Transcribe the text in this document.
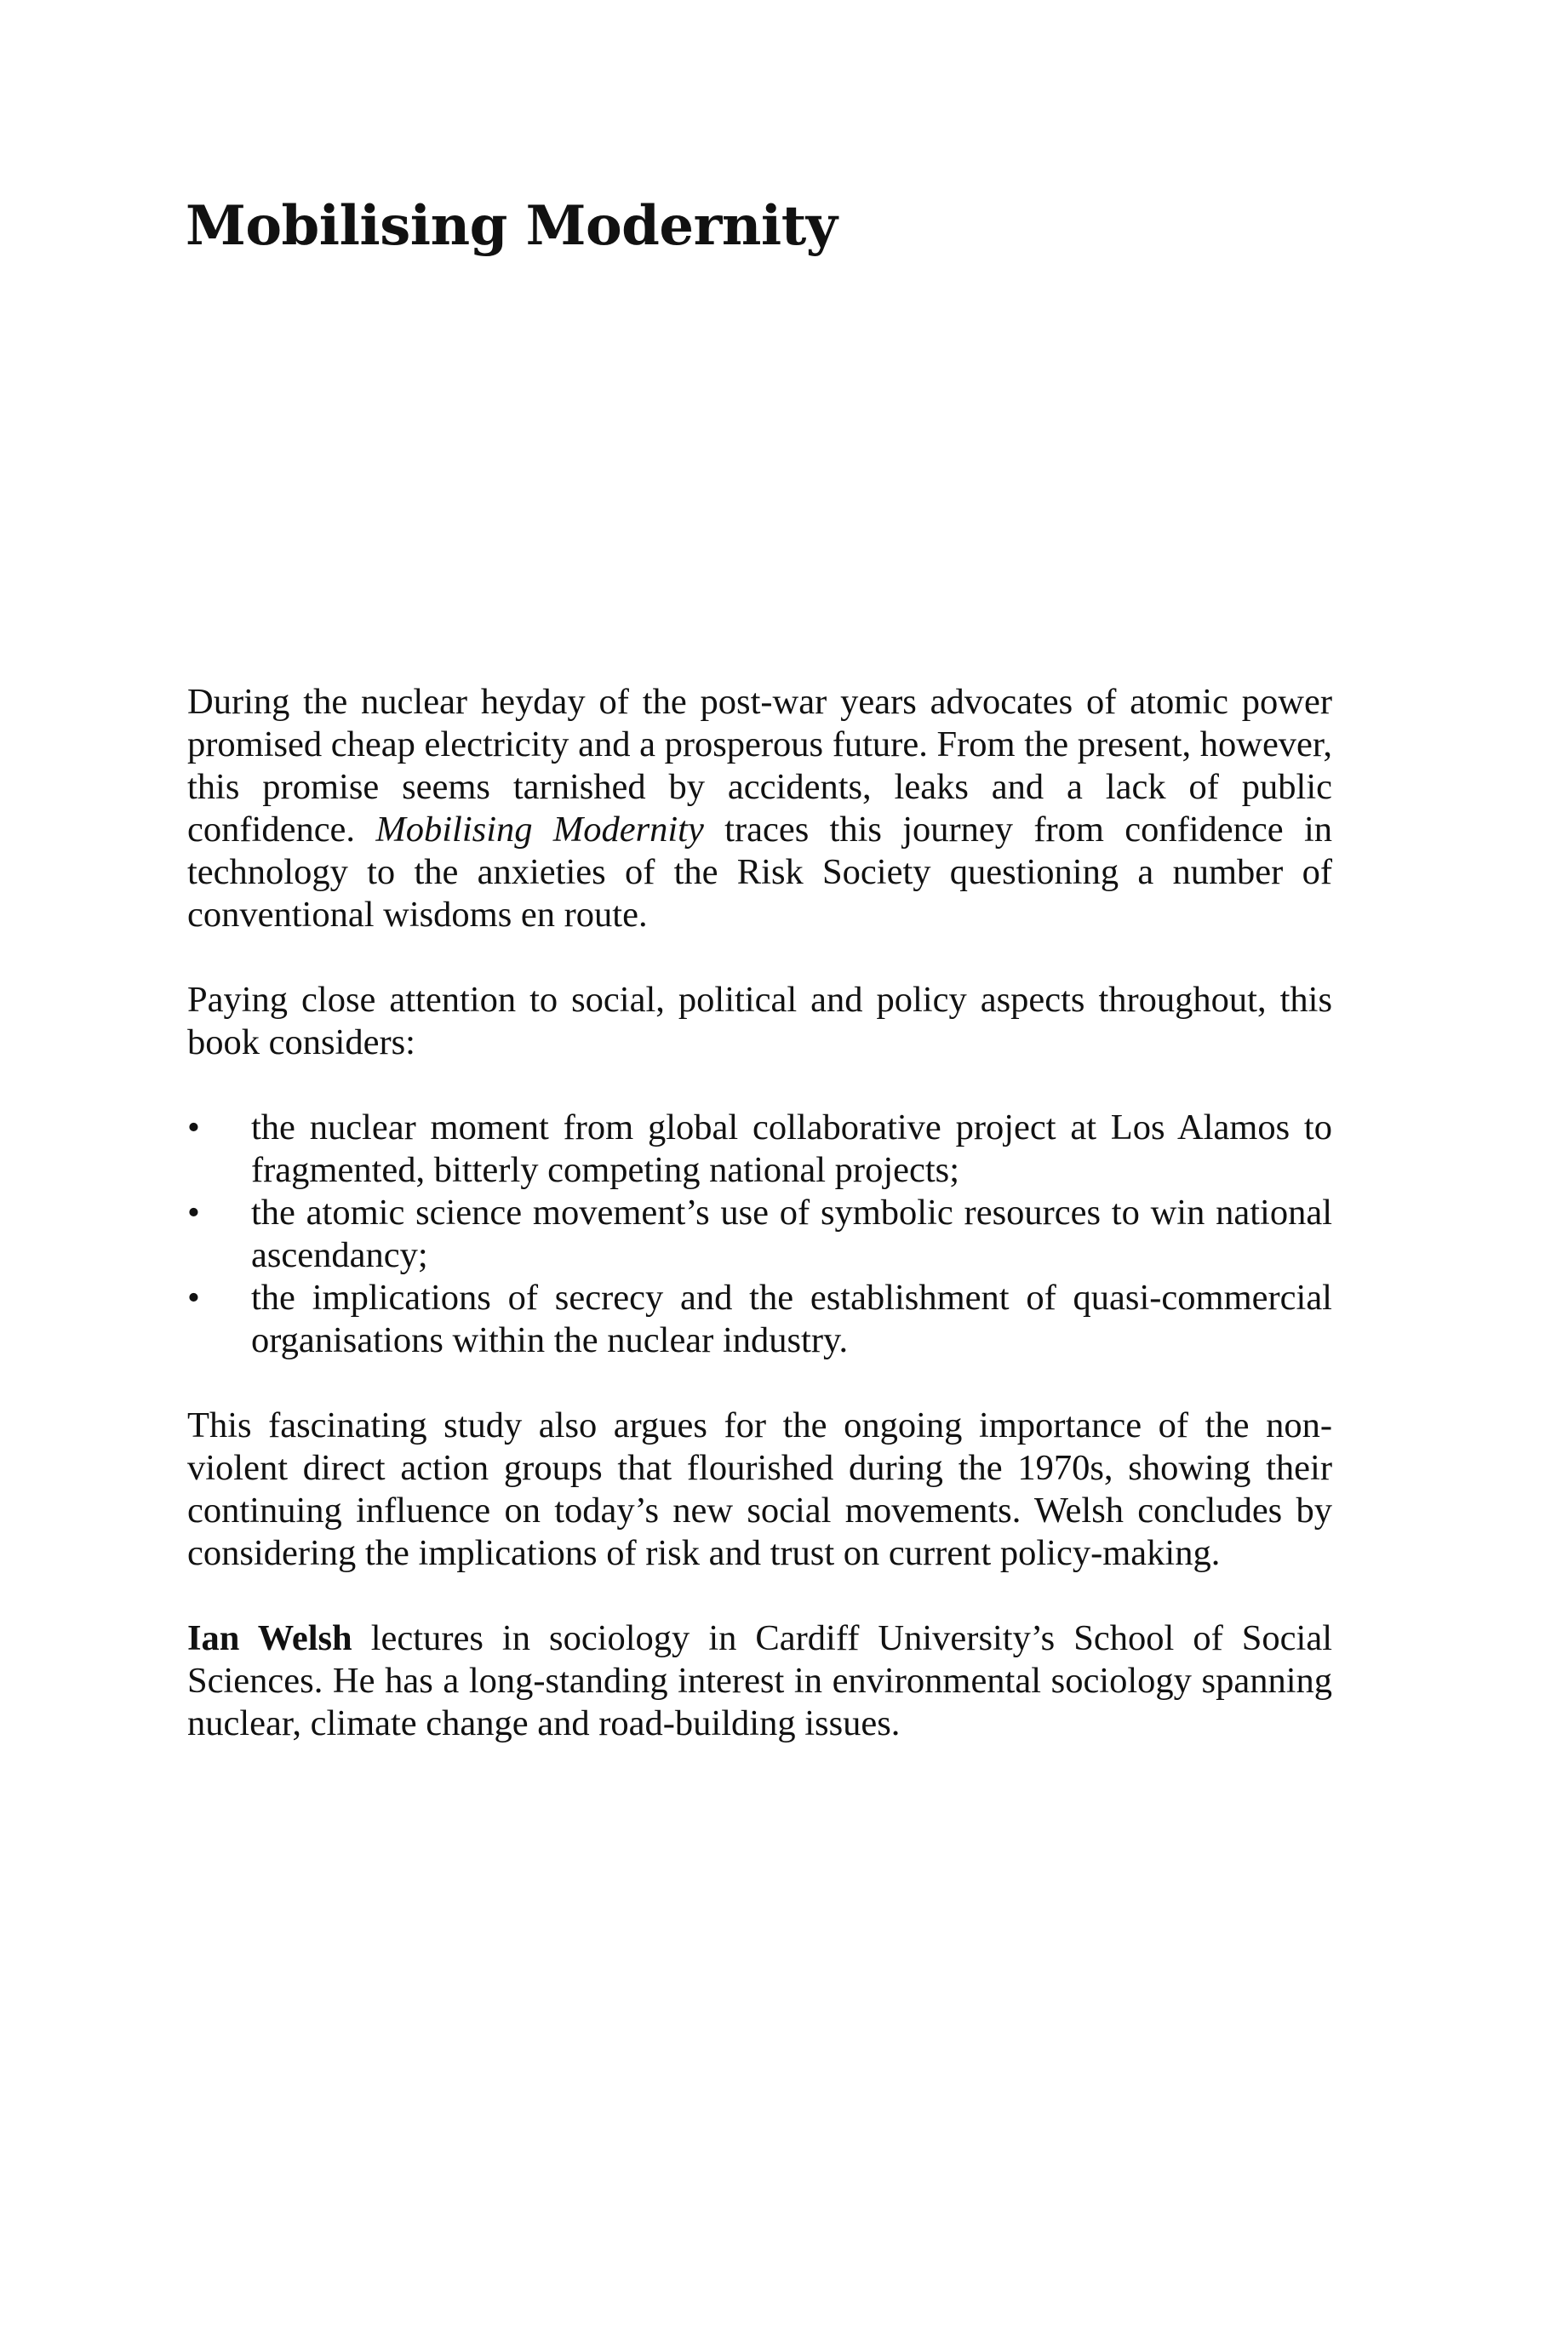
Mobilising Modernity

During the nuclear heyday of the post-war years advocates of atomic power promised cheap electricity and a prosperous future. From the present, however, this promise seems tarnished by accidents, leaks and a lack of public confidence. Mobilising Modernity traces this journey from confidence in technology to the anxieties of the Risk Society questioning a number of conventional wisdoms en route.

Paying close attention to social, political and policy aspects throughout, this book considers:

• the nuclear moment from global collaborative project at Los Alamos to fragmented, bitterly competing national projects;
• the atomic science movement’s use of symbolic resources to win national ascendancy;
• the implications of secrecy and the establishment of quasi-commercial organisations within the nuclear industry.

This fascinating study also argues for the ongoing importance of the non-violent direct action groups that flourished during the 1970s, showing their continuing influence on today’s new social movements. Welsh concludes by considering the implications of risk and trust on current policy-making.

Ian Welsh lectures in sociology in Cardiff University’s School of Social Sciences. He has a long-standing interest in environmental sociology spanning nuclear, climate change and road-building issues.
